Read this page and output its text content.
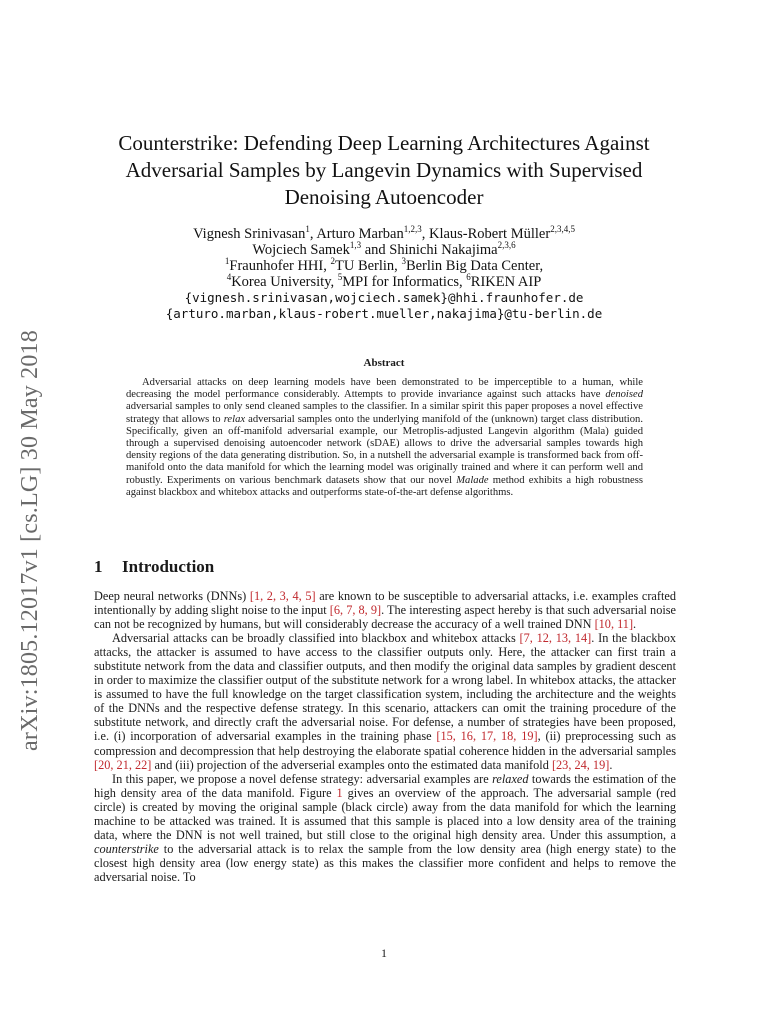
arXiv:1805.12017v1 [cs.LG] 30 May 2018
Counterstrike: Defending Deep Learning Architectures Against Adversarial Samples by Langevin Dynamics with Supervised Denoising Autoencoder
Vignesh Srinivasan$^1$, Arturo Marban$^{1,2,3}$, Klaus-Robert Müller$^{2,3,4,5}$
Wojciech Samek$^{1,3}$ and Shinichi Nakajima$^{2,3,6}$
$^1$Fraunhofer HHI, $^2$TU Berlin, $^3$Berlin Big Data Center,
$^4$Korea University, $^5$MPI for Informatics, $^6$RIKEN AIP
{vignesh.srinivasan,wojciech.samek}@hhi.fraunhofer.de
{arturo.marban,klaus-robert.mueller,nakajima}@tu-berlin.de
Abstract

Adversarial attacks on deep learning models have been demonstrated to be imperceptible to a human, while decreasing the model performance considerably. Attempts to provide invariance against such attacks have denoised adversarial samples to only send cleaned samples to the classifier. In a similar spirit this paper proposes a novel effective strategy that allows to relax adversarial samples onto the underlying manifold of the (unknown) target class distribution. Specifically, given an off-manifold adversarial example, our Metroplis-adjusted Langevin algorithm (Mala) guided through a supervised denoising autoencoder network (sDAE) allows to drive the adversarial samples towards high density regions of the data generating distribution. So, in a nutshell the adversarial example is transformed back from off-manifold onto the data manifold for which the learning model was originally trained and where it can perform well and robustly. Experiments on various benchmark datasets show that our novel Malade method exhibits a high robustness against blackbox and whitebox attacks and outperforms state-of-the-art defense algorithms.

1 Introduction

Deep neural networks (DNNs) [1, 2, 3, 4, 5] are known to be susceptible to adversarial attacks, i.e. examples crafted intentionally by adding slight noise to the input [6, 7, 8, 9]. The interesting aspect hereby is that such adversarial noise can not be recognized by humans, but will considerably decrease the accuracy of a well trained DNN [10, 11].

Adversarial attacks can be broadly classified into blackbox and whitebox attacks [7, 12, 13, 14]. In the blackbox attacks, the attacker is assumed to have access to the classifier outputs only. Here, the attacker can first train a substitute network from the data and classifier outputs, and then modify the original data samples by gradient descent in order to maximize the classifier output of the substitute network for a wrong label. In whitebox attacks, the attacker is assumed to have the full knowledge on the target classification system, including the architecture and the weights of the DNNs and the respective defense strategy. In this scenario, attackers can omit the training procedure of the substitute network, and directly craft the adversarial noise. For defense, a number of strategies have been proposed, i.e. (i) incorporation of adversarial examples in the training phase [15, 16, 17, 18, 19], (ii) preprocessing such as compression and decompression that help destroying the elaborate spatial coherence hidden in the adversarial samples [20, 21, 22] and (iii) projection of the adverserial examples onto the estimated data manifold [23, 24, 19].

In this paper, we propose a novel defense strategy: adversarial examples are relaxed towards the estimation of the high density area of the data manifold. Figure 1 gives an overview of the approach. The adversarial sample (red circle) is created by moving the original sample (black circle) away from the data manifold for which the learning machine to be attacked was trained. It is assumed that this sample is placed into a low density area of the training data, where the DNN is not well trained, but still close to the original high density area. Under this assumption, a counterstrike to the adversarial attack is to relax the sample from the low density area (high energy state) to the closest high density area (low energy state) as this makes the classifier more confident and helps to remove the adversarial noise. To

1
